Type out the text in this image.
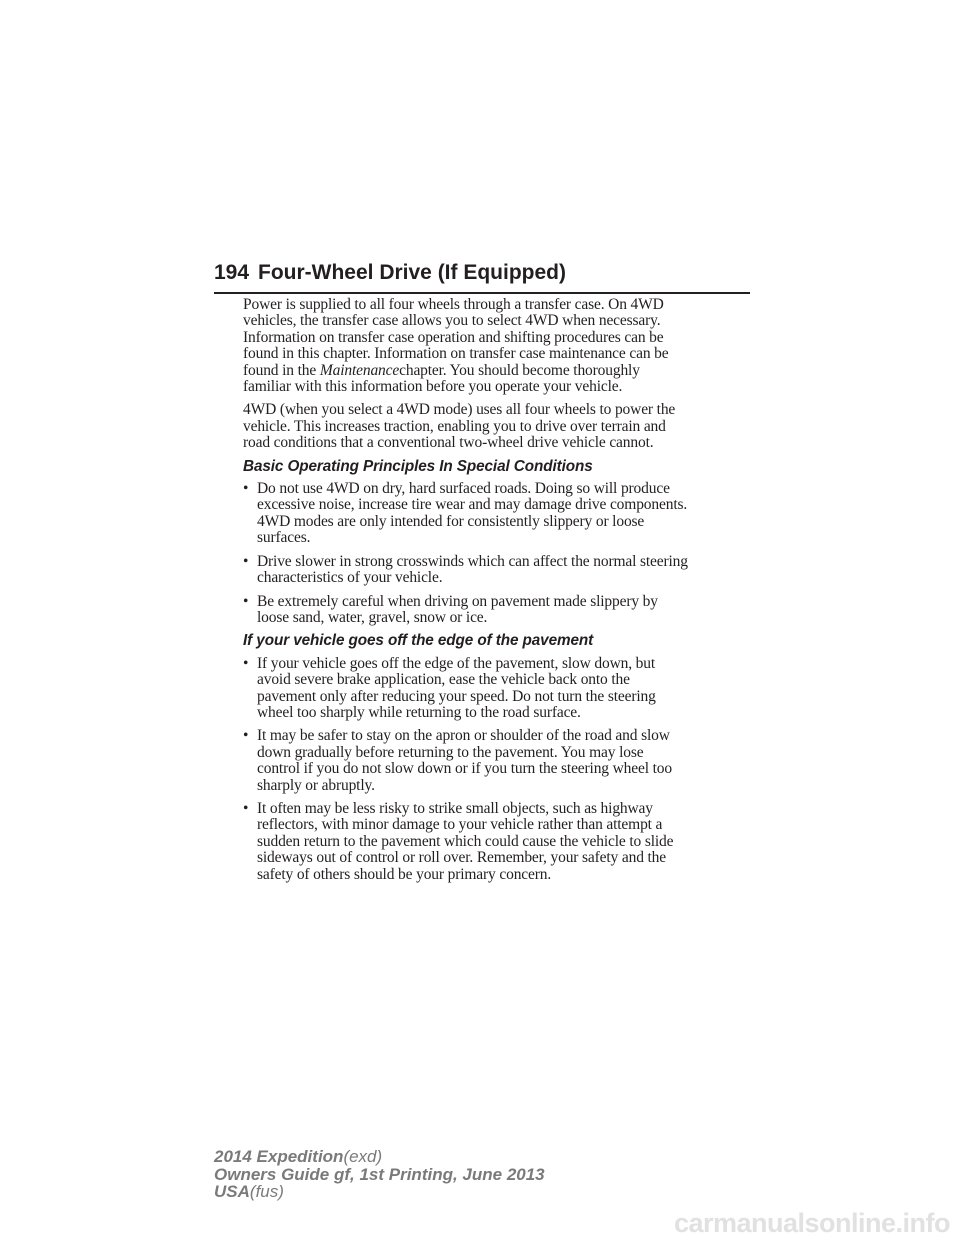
194 Four-Wheel Drive (If Equipped)

Power is supplied to all four wheels through a transfer case. On 4WD
vehicles, the transfer case allows you to select 4WD when necessary.
Information on transfer case operation and shifting procedures can be
found in this chapter. Information on transfer case maintenance can be
found in the Maintenancechapter. You should become thoroughly
familiar with this information before you operate your vehicle.

4WD (when you select a 4WD mode) uses all four wheels to power the
vehicle. This increases traction, enabling you to drive over terrain and
road conditions that a conventional two-wheel drive vehicle cannot.

Basic Operating Principles In Special Conditions
• Do not use 4WD on dry, hard surfaced roads. Doing so will produce
excessive noise, increase tire wear and may damage drive components.
4WD modes are only intended for consistently slippery or loose
surfaces.
• Drive slower in strong crosswinds which can affect the normal steering
characteristics of your vehicle.
• Be extremely careful when driving on pavement made slippery by
loose sand, water, gravel, snow or ice.
If your vehicle goes off the edge of the pavement
• If your vehicle goes off the edge of the pavement, slow down, but
avoid severe brake application, ease the vehicle back onto the
pavement only after reducing your speed. Do not turn the steering
wheel too sharply while returning to the road surface.
• It may be safer to stay on the apron or shoulder of the road and slow
down gradually before returning to the pavement. You may lose
control if you do not slow down or if you turn the steering wheel too
sharply or abruptly.
• It often may be less risky to strike small objects, such as highway
reflectors, with minor damage to your vehicle rather than attempt a
sudden return to the pavement which could cause the vehicle to slide
sideways out of control or roll over. Remember, your safety and the
safety of others should be your primary concern.
2014 Expedition(exd)
Owners Guide gf, 1st Printing, June 2013
USA(fus)
carmanualsonline.info
